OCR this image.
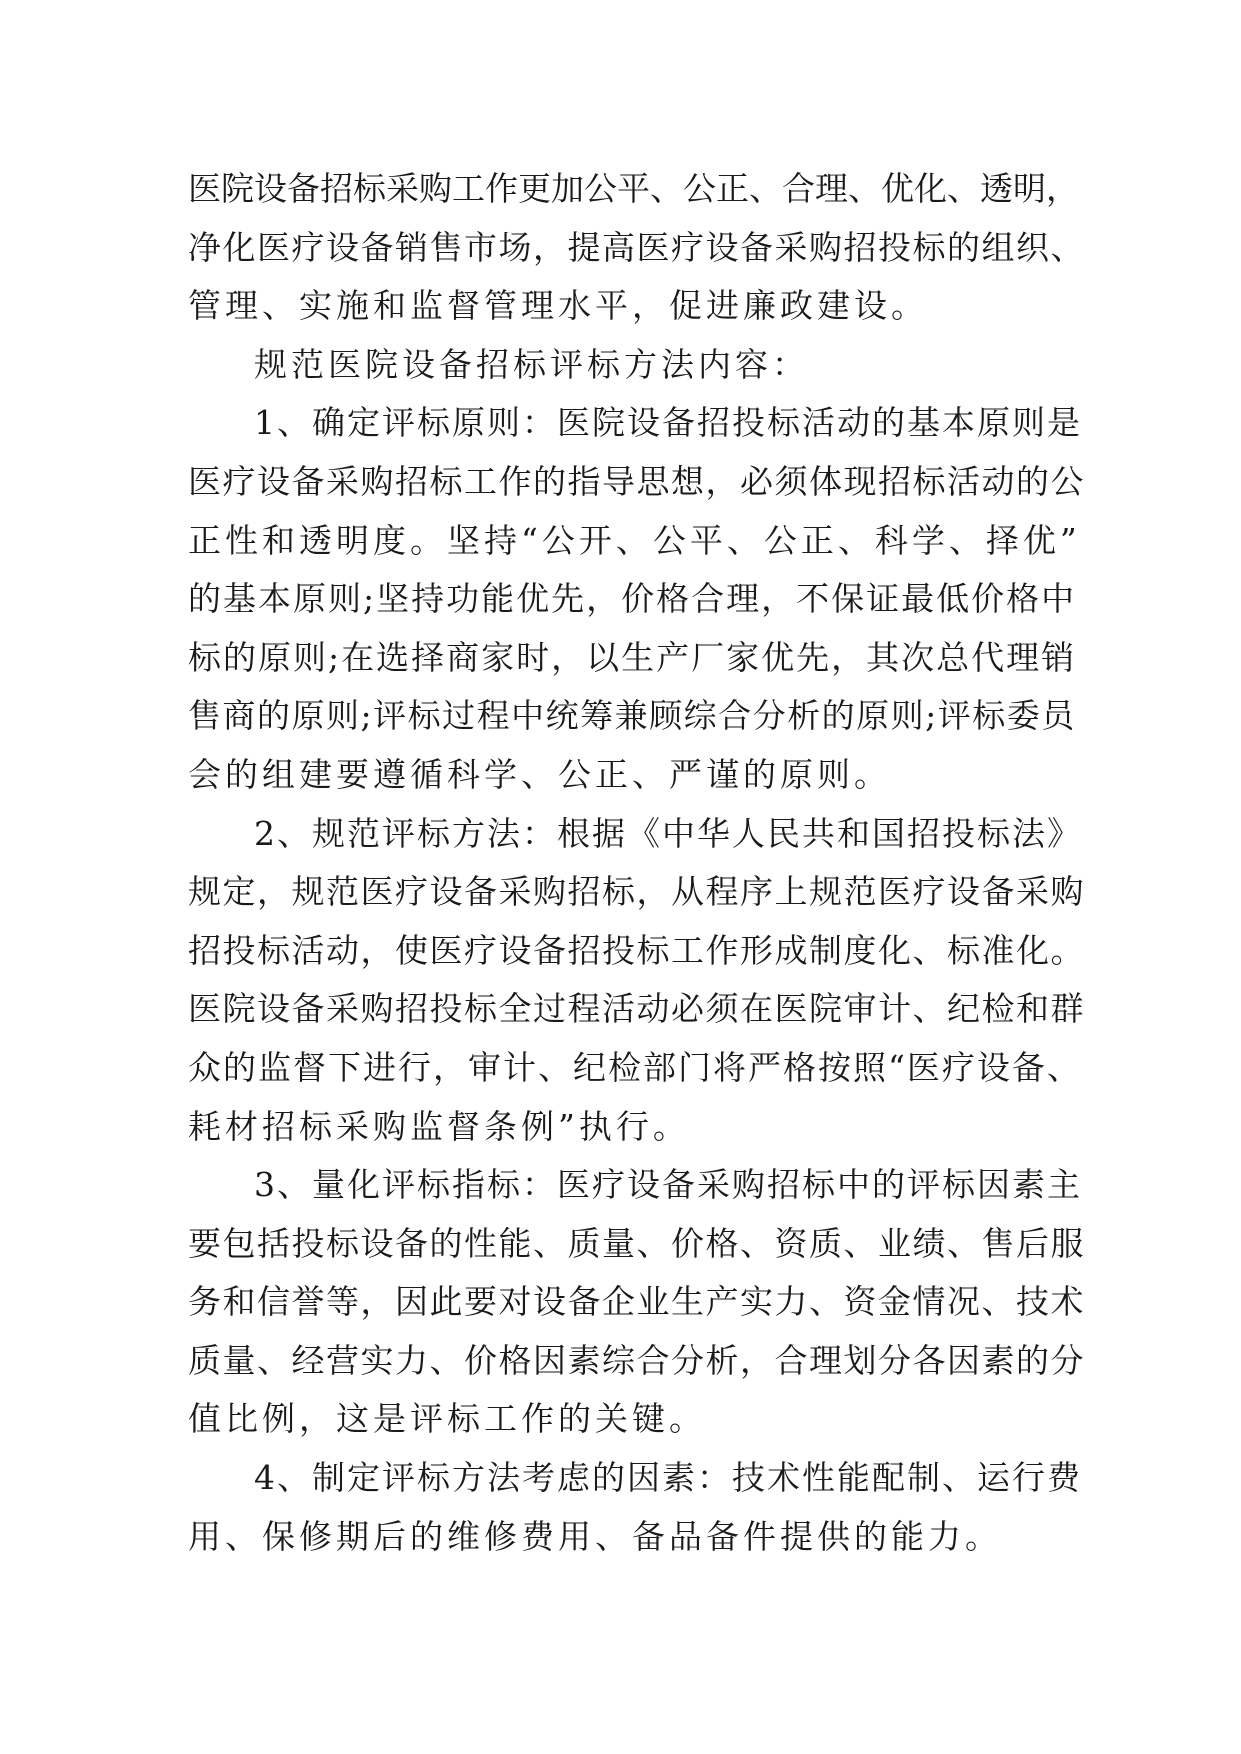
医院设备招标采购工作更加公平、公正、合理、优化、透明，
净化医疗设备销售市场，提高医疗设备采购招投标的组织、
管理、实施和监督管理水平，促进廉政建设。
规范医院设备招标评标方法内容：
1、确定评标原则：医院设备招投标活动的基本原则是
医疗设备采购招标工作的指导思想，必须体现招标活动的公
正性和透明度。坚持“公开、公平、公正、科学、择优”
的基本原则;坚持功能优先，价格合理，不保证最低价格中
标的原则;在选择商家时，以生产厂家优先，其次总代理销
售商的原则;评标过程中统筹兼顾综合分析的原则;评标委员
会的组建要遵循科学、公正、严谨的原则。
2、规范评标方法：根据《中华人民共和国招投标法》
规定，规范医疗设备采购招标，从程序上规范医疗设备采购
招投标活动，使医疗设备招投标工作形成制度化、标准化。
医院设备采购招投标全过程活动必须在医院审计、纪检和群
众的监督下进行，审计、纪检部门将严格按照“医疗设备、
耗材招标采购监督条例”执行。
3、量化评标指标：医疗设备采购招标中的评标因素主
要包括投标设备的性能、质量、价格、资质、业绩、售后服
务和信誉等，因此要对设备企业生产实力、资金情况、技术
质量、经营实力、价格因素综合分析，合理划分各因素的分
值比例，这是评标工作的关键。
4、制定评标方法考虑的因素：技术性能配制、运行费
用、保修期后的维修费用、备品备件提供的能力。
